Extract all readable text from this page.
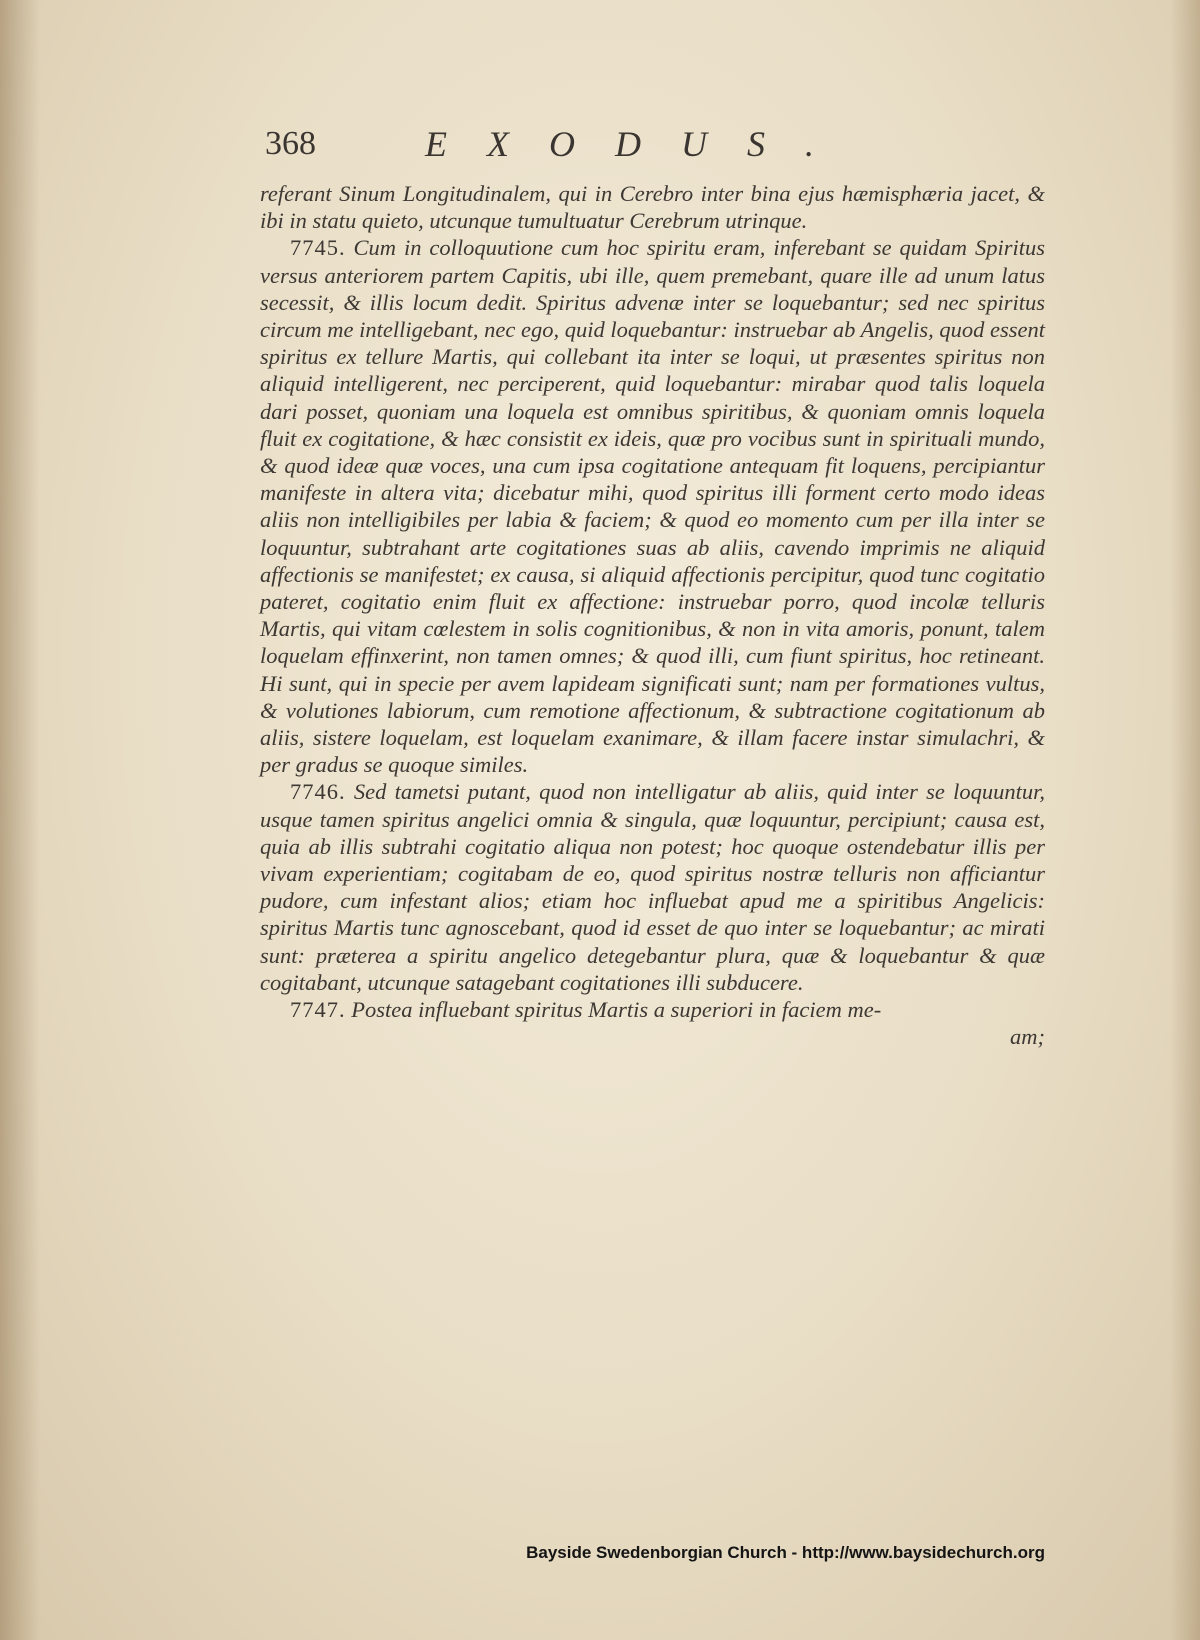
368	EXODUS.

referant Sinum Longitudinalem, qui in Cerebro inter bina ejus hæmisphæria jacet, & ibi in statu quieto, utcunque tumultuatur Cerebrum utrinque.

7745. Cum in colloquutione cum hoc spiritu eram, inferebant se quidam Spiritus versus anteriorem partem Capitis, ubi ille, quem premebant, quare ille ad unum latus secessit, & illis locum dedit. Spiritus advenæ inter se loquebantur; sed nec spiritus circum me intelligebant, nec ego, quid loquebantur: instruebar ab Angelis, quod essent spiritus ex tellure Martis, qui collebant ita inter se loqui, ut præsentes spiritus non aliquid intelligerent, nec perciperent, quid loquebantur: mirabar quod talis loquela dari posset, quoniam una loquela est omnibus spiritibus, & quoniam omnis loquela fluit ex cogitatione, & hæc consistit ex ideis, quæ pro vocibus sunt in spirituali mundo, & quod ideæ quæ voces, una cum ipsa cogitatione antequam fit loquens, percipiantur manifeste in altera vita; dicebatur mihi, quod spiritus illi forment certo modo ideas aliis non intelligibiles per labia & faciem; & quod eo momento cum per illa inter se loquuntur, subtrahant arte cogitationes suas ab aliis, cavendo imprimis ne aliquid affectionis se manifestet; ex causa, si aliquid affectionis percipitur, quod tunc cogitatio pateret, cogitatio enim fluit ex affectione: instruebar porro, quod incolæ telluris Martis, qui vitam cœlestem in solis cognitionibus, & non in vita amoris, ponunt, talem loquelam effinxerint, non tamen omnes; & quod illi, cum fiunt spiritus, hoc retineant. Hi sunt, qui in specie per avem lapideam significati sunt; nam per formationes vultus, & volutiones labiorum, cum remotione affectionum, & subtractione cogitationum ab aliis, sistere loquelam, est loquelam exanimare, & illam facere instar simulachri, & per gradus se quoque similes.

7746. Sed tametsi putant, quod non intelligatur ab aliis, quid inter se loquuntur, usque tamen spiritus angelici omnia & singula, quæ loquuntur, percipiunt; causa est, quia ab illis subtrahi cogitatio aliqua non potest; hoc quoque ostendebatur illis per vivam experientiam; cogitabam de eo, quod spiritus nostræ telluris non afficiantur pudore, cum infestant alios; etiam hoc influebat apud me a spiritibus Angelicis: spiritus Martis tunc agnoscebant, quod id esset de quo inter se loquebantur; ac mirati sunt: præterea a spiritu angelico detegebantur plura, quæ & loquebantur & quæ cogitabant, utcunque satagebant cogitationes illi subducere.

7747. Postea influebant spiritus Martis a superiori in faciem me-

am;

Bayside Swedenborgian Church - http://www.baysidechurch.org
